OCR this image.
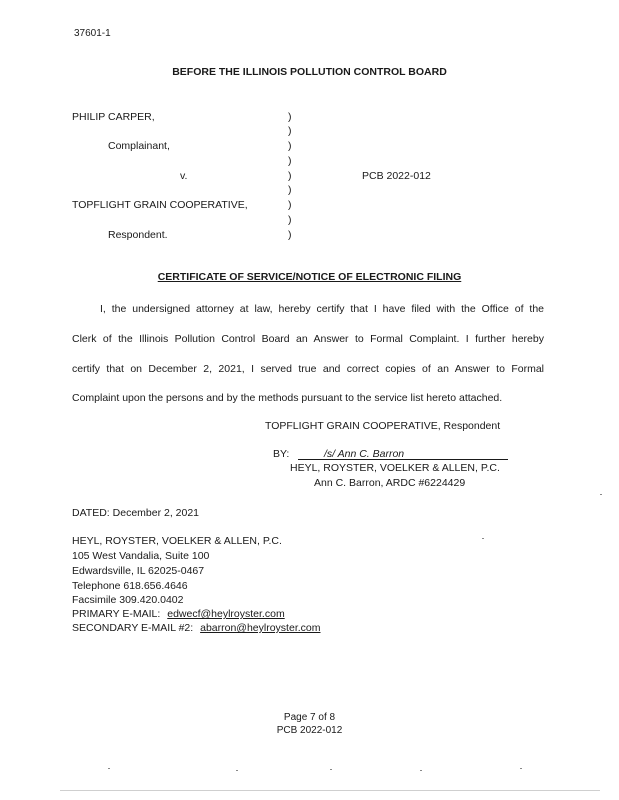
37601-1
BEFORE THE ILLINOIS POLLUTION CONTROL BOARD
PHILIP CARPER,
Complainant,
v.	PCB 2022-012
TOPFLIGHT GRAIN COOPERATIVE,
Respondent.
)
)
)
)
)
)
)
)
)
CERTIFICATE OF SERVICE/NOTICE OF ELECTRONIC FILING
I, the undersigned attorney at law, hereby certify that I have filed with the Office of the
Clerk of the Illinois Pollution Control Board an Answer to Formal Complaint. I further hereby
certify that on December 2, 2021, I served true and correct copies of an Answer to Formal
Complaint upon the persons and by the methods pursuant to the service list hereto attached.
TOPFLIGHT GRAIN COOPERATIVE, Respondent
BY:	/s/ Ann C. Barron
HEYL, ROYSTER, VOELKER & ALLEN, P.C.
Ann C. Barron, ARDC #6224429
DATED: December 2, 2021
HEYL, ROYSTER, VOELKER & ALLEN, P.C.
105 West Vandalia, Suite 100
Edwardsville, IL 62025-0467
Telephone 618.656.4646
Facsimile 309.420.0402
PRIMARY E-MAIL: edwecf@heylroyster.com
SECONDARY E-MAIL #2: abarron@heylroyster.com
Page 7 of 8
PCB 2022-012
